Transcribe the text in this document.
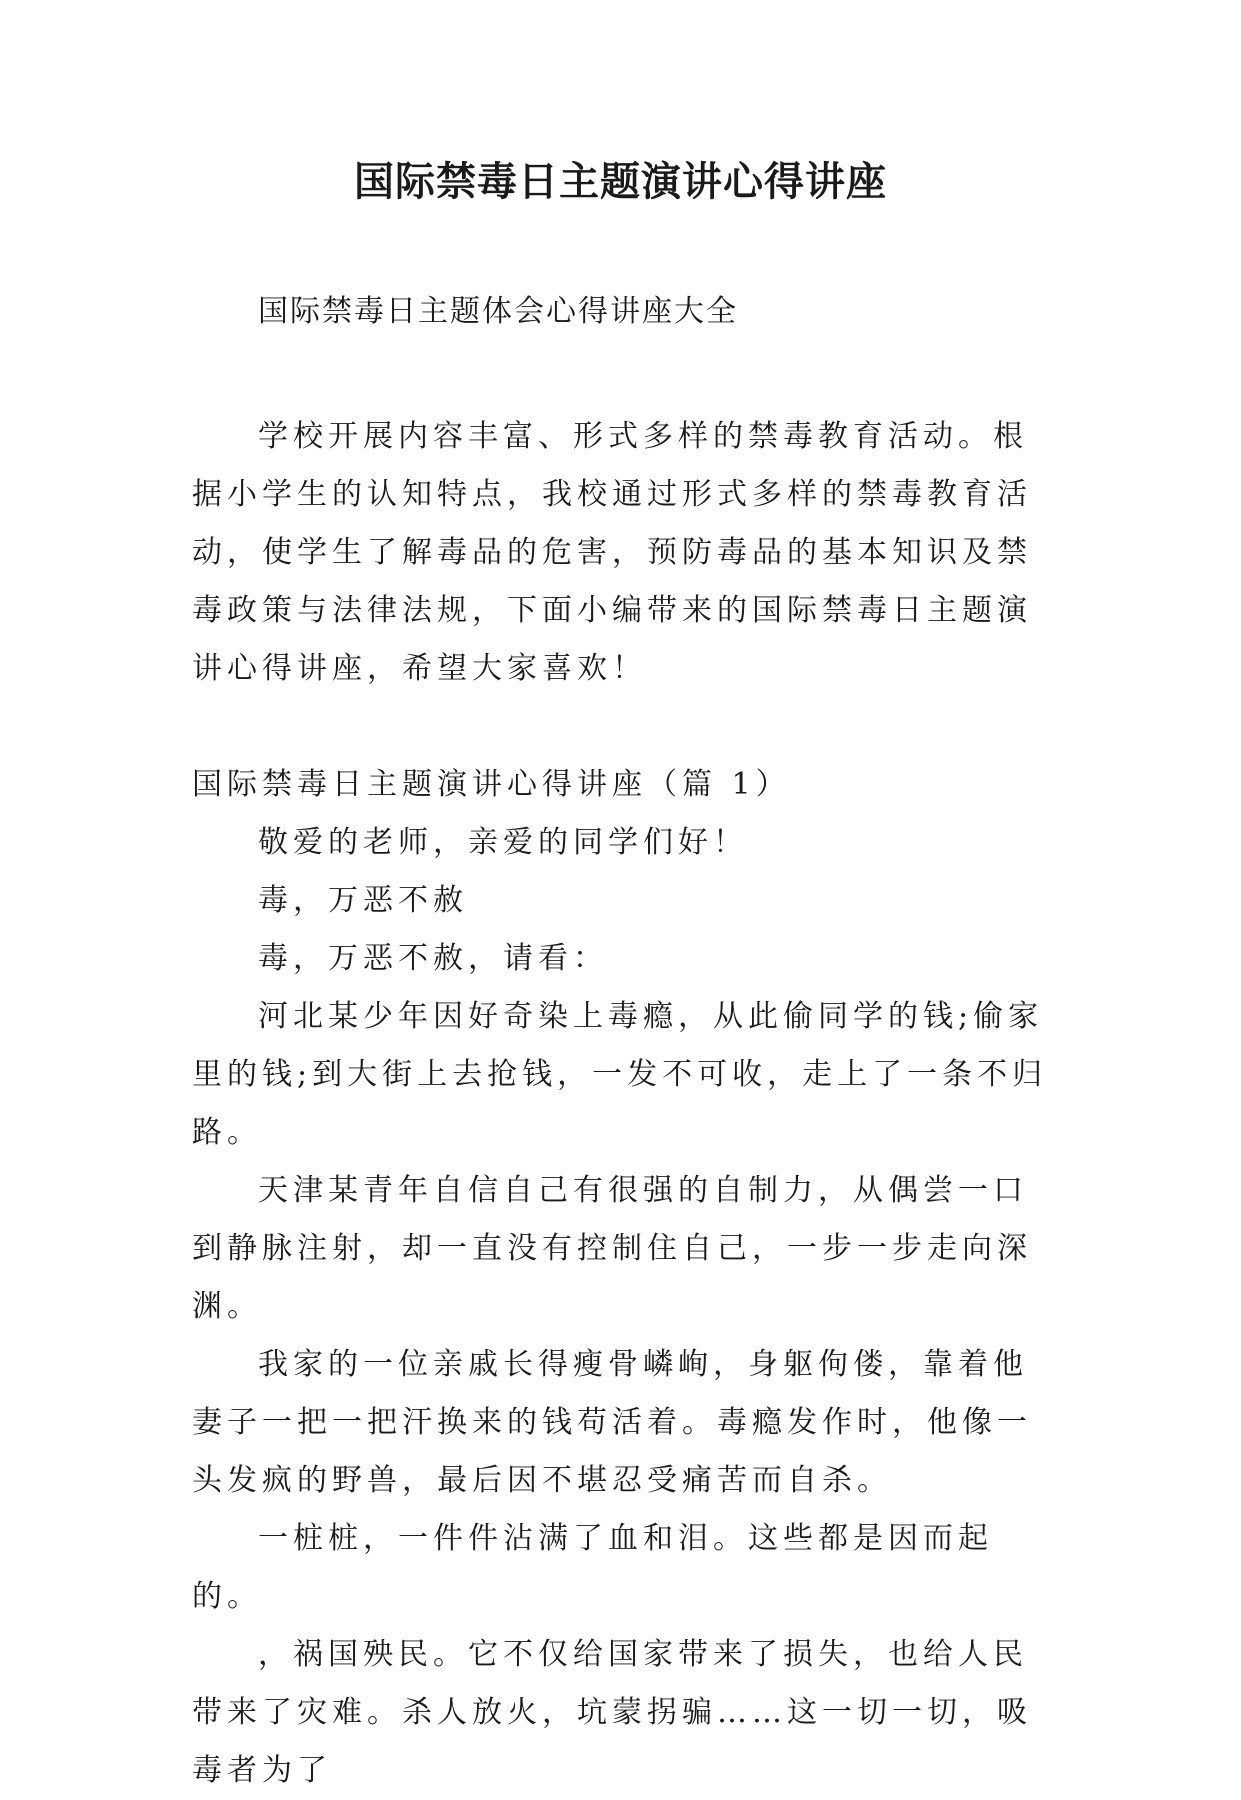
国际禁毒日主题演讲心得讲座

国际禁毒日主题体会心得讲座大全

学校开展内容丰富、形式多样的禁毒教育活动。根据小学生的认知特点，我校通过形式多样的禁毒教育活动，使学生了解毒品的危害，预防毒品的基本知识及禁毒政策与法律法规，下面小编带来的国际禁毒日主题演讲心得讲座，希望大家喜欢！

国际禁毒日主题演讲心得讲座（篇 1）

敬爱的老师，亲爱的同学们好！

毒，万恶不赦

毒，万恶不赦，请看：

河北某少年因好奇染上毒瘾，从此偷同学的钱;偷家里的钱;到大街上去抢钱，一发不可收，走上了一条不归路。

天津某青年自信自己有很强的自制力，从偶尝一口到静脉注射，却一直没有控制住自己，一步一步走向深渊。

我家的一位亲戚长得瘦骨嶙峋，身躯佝偻，靠着他妻子一把一把汗换来的钱苟活着。毒瘾发作时，他像一头发疯的野兽，最后因不堪忍受痛苦而自杀。

一桩桩，一件件沾满了血和泪。这些都是因而起的。

，祸国殃民。它不仅给国家带来了损失，也给人民带来了灾难。杀人放火，坑蒙拐骗……这一切一切，吸毒者为了
